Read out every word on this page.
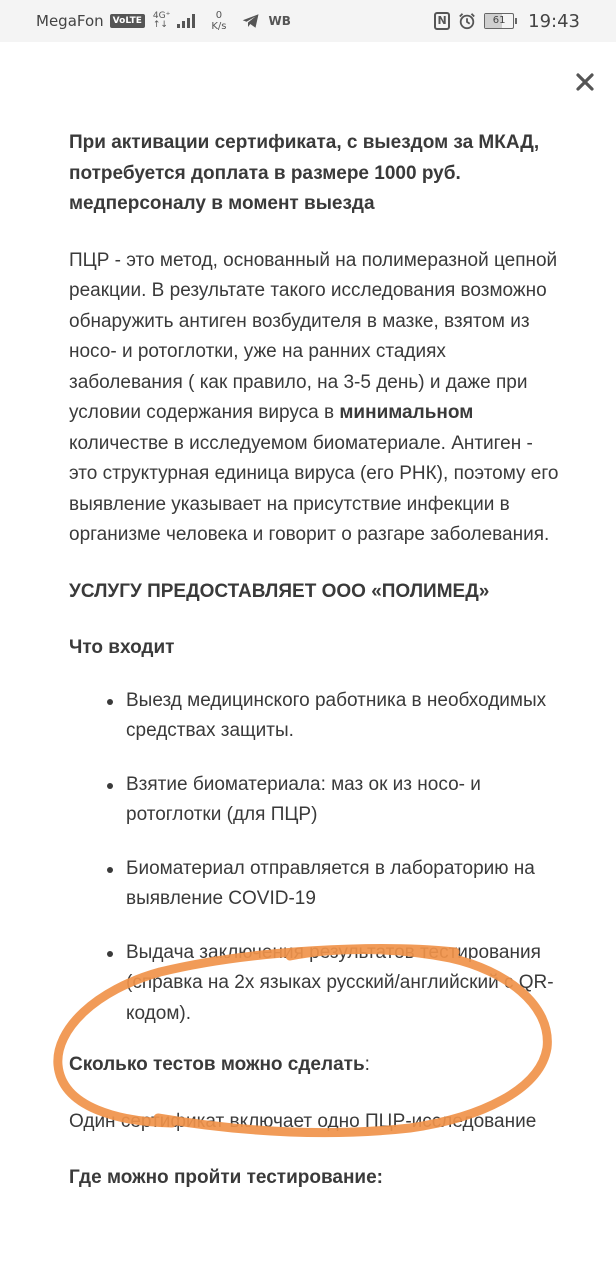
MegaFon	VoLTE	4G⁺
↑↓
0
K/s	WB	N	61	19:43

При активации сертификата, с выездом за МКАД, потребуется доплата в размере 1000 руб. медперсоналу в момент выезда

ПЦР - это метод, основанный на полимеразной цепной реакции. В результате такого исследования возможно обнаружить антиген возбудителя в мазке, взятом из носо- и ротоглотки, уже на ранних стадиях заболевания ( как правило, на 3-5 день) и даже при условии содержания вируса в минимальном количестве в исследуемом биоматериале. Антиген - это структурная единица вируса (его РНК), поэтому его выявление указывает на присутствие инфекции в организме человека и говорит о разгаре заболевания.

УСЛУГУ ПРЕДОСТАВЛЯЕТ ООО «ПОЛИМЕД»

Что входит

Выезд медицинского работника в необходимых средствах защиты.
Взятие биоматериала: маз ок из носо- и ротоглотки (для ПЦР)
Биоматериал отправляется в лабораторию на выявление COVID-19
Выдача заключения результатов тестирования (справка на 2х языках русский/английский с QR-кодом).

Сколько тестов можно сделать:

Один сертификат включает одно ПЦР-исследование

Где можно пройти тестирование:
